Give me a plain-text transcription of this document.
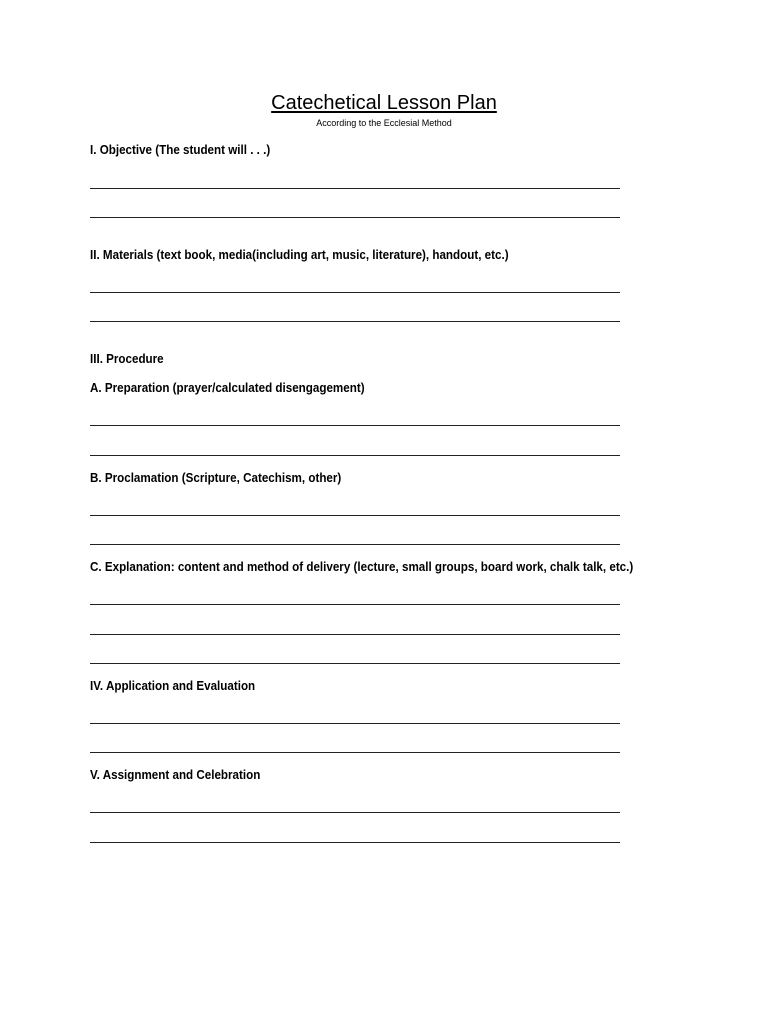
Catechetical Lesson Plan
According to the Ecclesial Method
I. Objective (The student will . . .)
II. Materials (text book, media(including art, music, literature), handout, etc.)
III. Procedure
A. Preparation (prayer/calculated disengagement)
B. Proclamation (Scripture, Catechism, other)
C. Explanation: content and method of delivery (lecture, small groups, board work, chalk talk, etc.)
IV. Application and Evaluation
V. Assignment and Celebration
